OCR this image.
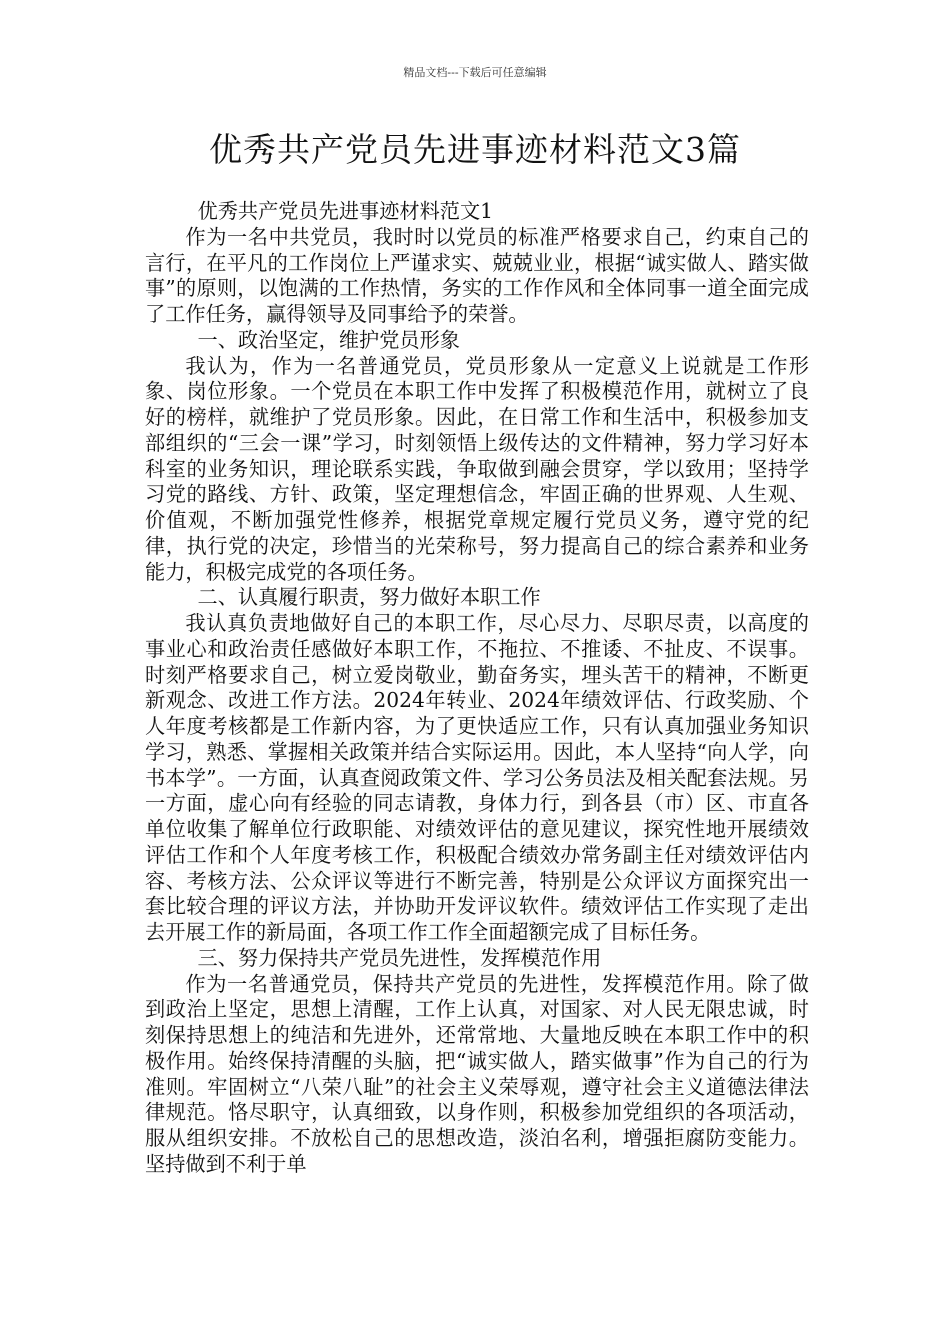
精品文档---下载后可任意编辑
优秀共产党员先进事迹材料范文3篇

优秀共产党员先进事迹材料范文1

作为一名中共党员，我时时以党员的标准严格要求自己，约束自己的言行，在平凡的工作岗位上严谨求实、兢兢业业，根据“诚实做人、踏实做事”的原则，以饱满的工作热情，务实的工作作风和全体同事一道全面完成了工作任务，赢得领导及同事给予的荣誉。

一、政治坚定，维护党员形象

我认为，作为一名普通党员，党员形象从一定意义上说就是工作形象、岗位形象。一个党员在本职工作中发挥了积极模范作用，就树立了良好的榜样，就维护了党员形象。因此，在日常工作和生活中，积极参加支部组织的“三会一课”学习，时刻领悟上级传达的文件精神，努力学习好本科室的业务知识，理论联系实践，争取做到融会贯穿，学以致用；坚持学习党的路线、方针、政策，坚定理想信念，牢固正确的世界观、人生观、价值观，不断加强党性修养，根据党章规定履行党员义务，遵守党的纪律，执行党的决定，珍惜当的光荣称号，努力提高自己的综合素养和业务能力，积极完成党的各项任务。

二、认真履行职责，努力做好本职工作

我认真负责地做好自己的本职工作，尽心尽力、尽职尽责，以高度的事业心和政治责任感做好本职工作，不拖拉、不推诿、不扯皮、不误事。时刻严格要求自己，树立爱岗敬业，勤奋务实，埋头苦干的精神，不断更新观念、改进工作方法。2024年转业、2024年绩效评估、行政奖励、个人年度考核都是工作新内容，为了更快适应工作，只有认真加强业务知识学习，熟悉、掌握相关政策并结合实际运用。因此，本人坚持“向人学，向书本学”。一方面，认真查阅政策文件、学习公务员法及相关配套法规。另一方面，虚心向有经验的同志请教，身体力行，到各县（市）区、市直各单位收集了解单位行政职能、对绩效评估的意见建议，探究性地开展绩效评估工作和个人年度考核工作，积极配合绩效办常务副主任对绩效评估内容、考核方法、公众评议等进行不断完善，特别是公众评议方面探究出一套比较合理的评议方法，并协助开发评议软件。绩效评估工作实现了走出去开展工作的新局面，各项工作工作全面超额完成了目标任务。

三、努力保持共产党员先进性，发挥模范作用

作为一名普通党员，保持共产党员的先进性，发挥模范作用。除了做到政治上坚定，思想上清醒，工作上认真，对国家、对人民无限忠诚，时刻保持思想上的纯洁和先进外，还常常地、大量地反映在本职工作中的积极作用。始终保持清醒的头脑，把“诚实做人，踏实做事”作为自己的行为准则。牢固树立“八荣八耻”的社会主义荣辱观，遵守社会主义道德法律法律规范。恪尽职守，认真细致，以身作则，积极参加党组织的各项活动，服从组织安排。不放松自己的思想改造，淡泊名利，增强拒腐防变能力。坚持做到不利于单
